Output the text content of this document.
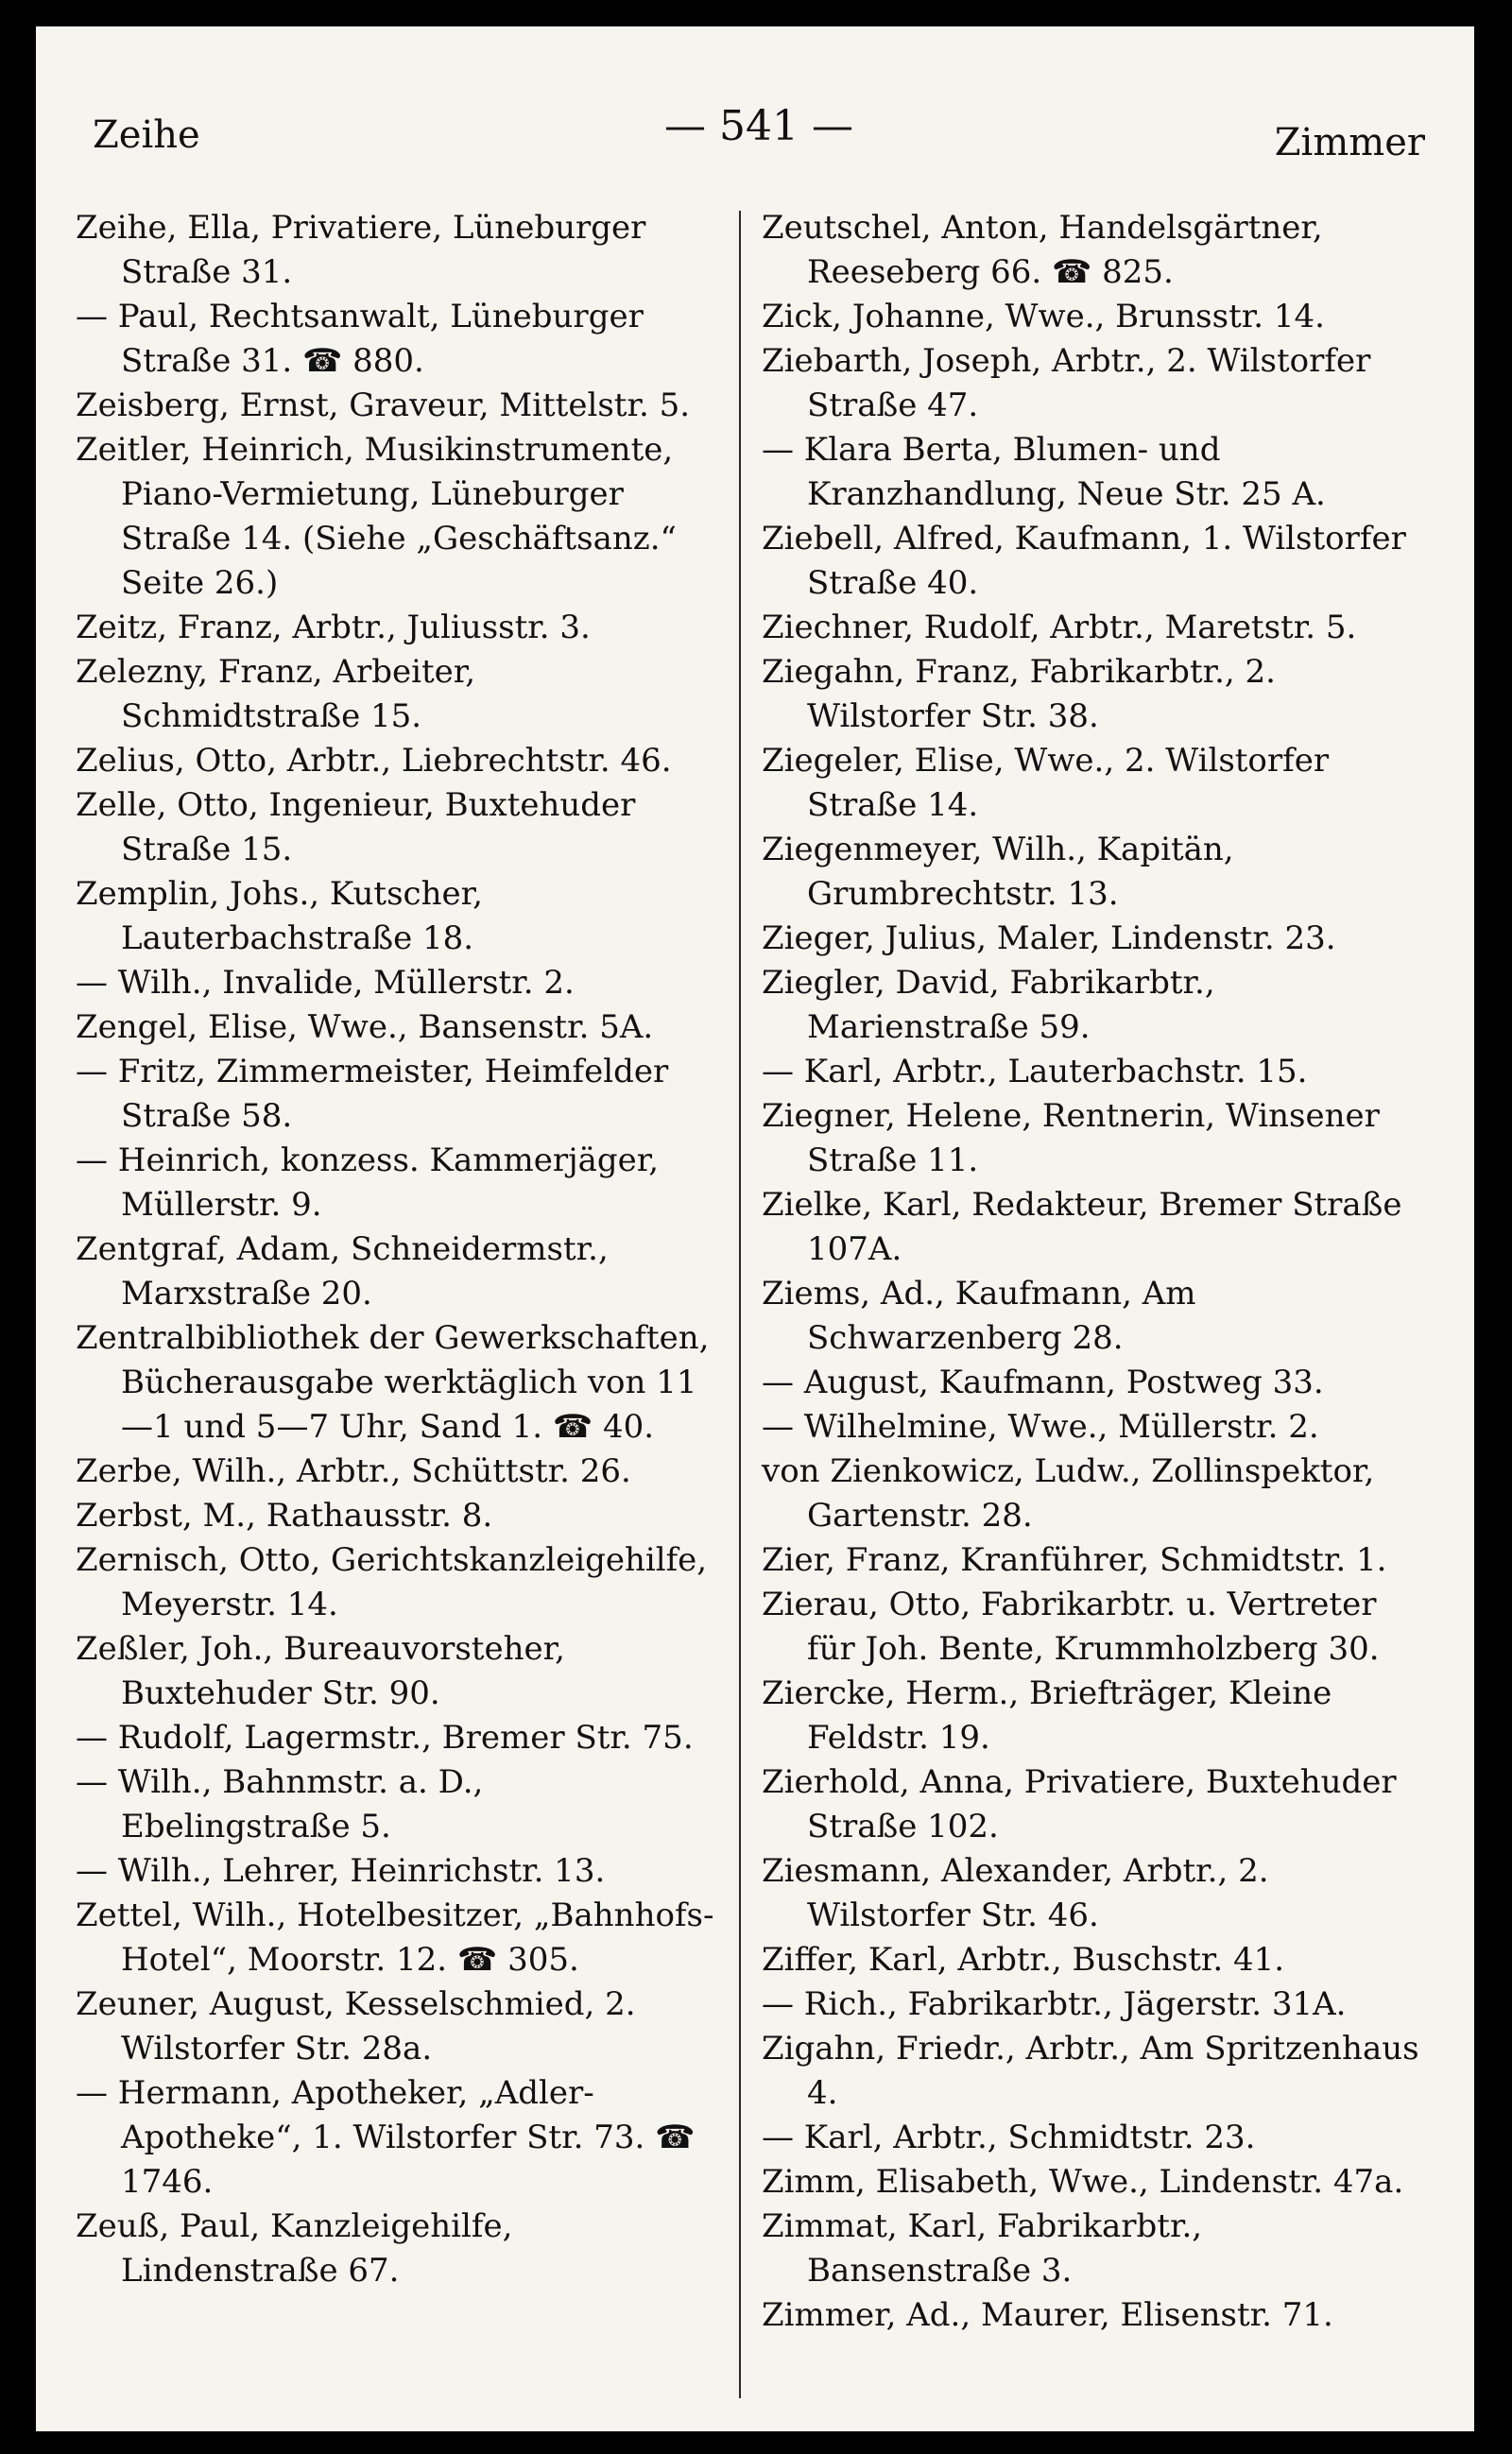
Zeihe	— 541 —	Zimmer

Zeihe, Ella, Privatiere, Lüneburger Straße 31.

— Paul, Rechtsanwalt, Lüneburger Straße 31. ☎ 880.

Zeisberg, Ernst, Graveur, Mittelstr. 5.

Zeitler, Heinrich, Musikinstrumente, Piano-Vermietung, Lüneburger Straße 14. (Siehe „Geschäftsanz.“ Seite 26.)

Zeitz, Franz, Arbtr., Juliusstr. 3.

Zelezny, Franz, Arbeiter, Schmidtstraße 15.

Zelius, Otto, Arbtr., Liebrechtstr. 46.

Zelle, Otto, Ingenieur, Buxtehuder Straße 15.

Zemplin, Johs., Kutscher, Lauterbachstraße 18.

— Wilh., Invalide, Müllerstr. 2.

Zengel, Elise, Wwe., Bansenstr. 5A.

— Fritz, Zimmermeister, Heimfelder Straße 58.

— Heinrich, konzess. Kammerjäger, Müllerstr. 9.

Zentgraf, Adam, Schneidermstr., Marxstraße 20.

Zentralbibliothek der Gewerkschaften, Bücherausgabe werktäglich von 11—1 und 5—7 Uhr, Sand 1. ☎ 40.

Zerbe, Wilh., Arbtr., Schüttstr. 26.

Zerbst, M., Rathausstr. 8.

Zernisch, Otto, Gerichtskanzleigehilfe, Meyerstr. 14.

Zeßler, Joh., Bureauvorsteher, Buxtehuder Str. 90.

— Rudolf, Lagermstr., Bremer Str. 75.

— Wilh., Bahnmstr. a. D., Ebelingstraße 5.

— Wilh., Lehrer, Heinrichstr. 13.

Zettel, Wilh., Hotelbesitzer, „Bahnhofs-Hotel“, Moorstr. 12. ☎ 305.

Zeuner, August, Kesselschmied, 2. Wilstorfer Str. 28a.

— Hermann, Apotheker, „Adler-Apotheke“, 1. Wilstorfer Str. 73. ☎ 1746.

Zeuß, Paul, Kanzleigehilfe, Lindenstraße 67.

Zeutschel, Anton, Handelsgärtner, Reeseberg 66. ☎ 825.

Zick, Johanne, Wwe., Brunsstr. 14.

Ziebarth, Joseph, Arbtr., 2. Wilstorfer Straße 47.

— Klara Berta, Blumen- und Kranzhandlung, Neue Str. 25 A.

Ziebell, Alfred, Kaufmann, 1. Wilstorfer Straße 40.

Ziechner, Rudolf, Arbtr., Maretstr. 5.

Ziegahn, Franz, Fabrikarbtr., 2. Wilstorfer Str. 38.

Ziegeler, Elise, Wwe., 2. Wilstorfer Straße 14.

Ziegenmeyer, Wilh., Kapitän, Grumbrechtstr. 13.

Zieger, Julius, Maler, Lindenstr. 23.

Ziegler, David, Fabrikarbtr., Marienstraße 59.

— Karl, Arbtr., Lauterbachstr. 15.

Ziegner, Helene, Rentnerin, Winsener Straße 11.

Zielke, Karl, Redakteur, Bremer Straße 107A.

Ziems, Ad., Kaufmann, Am Schwarzenberg 28.

— August, Kaufmann, Postweg 33.

— Wilhelmine, Wwe., Müllerstr. 2.

von Zienkowicz, Ludw., Zollinspektor, Gartenstr. 28.

Zier, Franz, Kranführer, Schmidtstr. 1.

Zierau, Otto, Fabrikarbtr. u. Vertreter für Joh. Bente, Krummholzberg 30.

Ziercke, Herm., Briefträger, Kleine Feldstr. 19.

Zierhold, Anna, Privatiere, Buxtehuder Straße 102.

Ziesmann, Alexander, Arbtr., 2. Wilstorfer Str. 46.

Ziffer, Karl, Arbtr., Buschstr. 41.

— Rich., Fabrikarbtr., Jägerstr. 31A.

Zigahn, Friedr., Arbtr., Am Spritzenhaus 4.

— Karl, Arbtr., Schmidtstr. 23.

Zimm, Elisabeth, Wwe., Lindenstr. 47a.

Zimmat, Karl, Fabrikarbtr., Bansenstraße 3.

Zimmer, Ad., Maurer, Elisenstr. 71.
